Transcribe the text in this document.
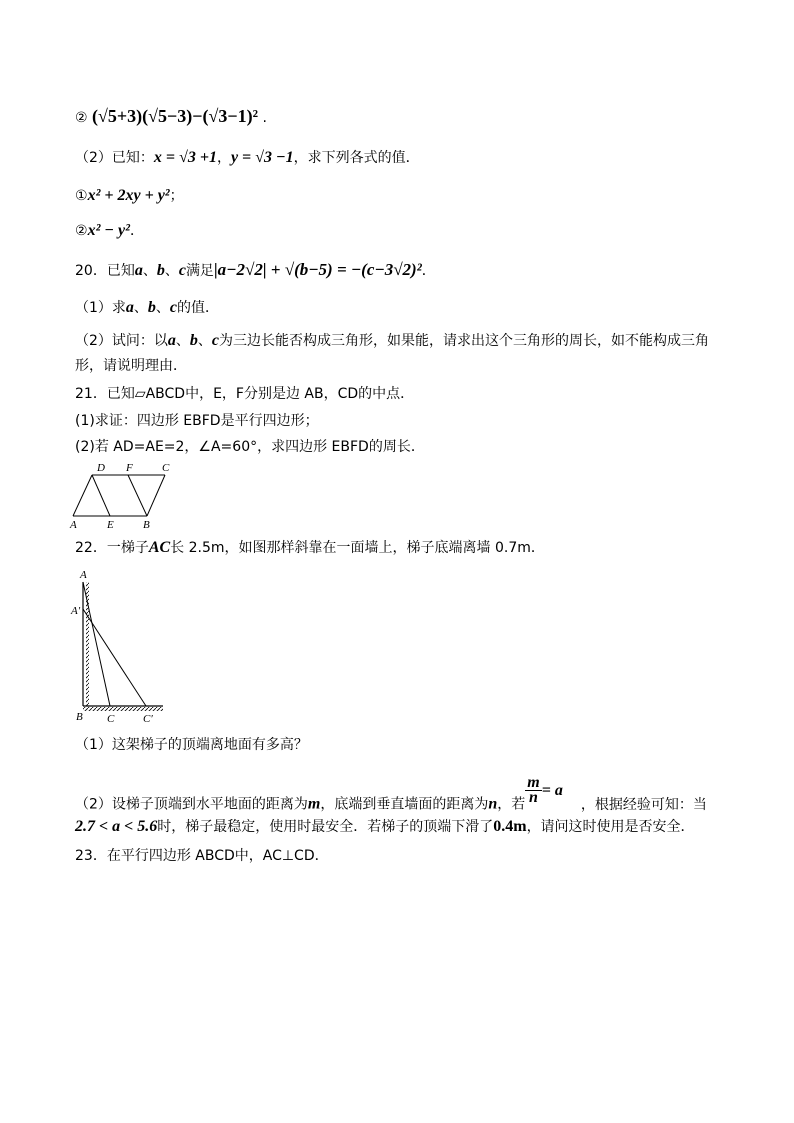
② (√5+3)(√5−3)−(√3−1)² .
（2）已知：x = √3 +1，y = √3 −1，求下列各式的值．
①x² + 2xy + y²；
②x² − y²．
20．已知a、b、c满足|a−2√2| + √(b−5) = −(c−3√2)²．
（1）求a、b、c的值．
（2）试问：以a、b、c为三边长能否构成三角形，如果能，请求出这个三角形的周长，如不能构成三角
形，请说明理由．
21．已知▱ABCD中，E，F分别是边 AB，CD的中点．
(1)求证：四边形 EBFD是平行四边形；
(2)若 AD=AE=2，∠A=60°，求四边形 EBFD的周长．
D F	C
A	E	B
22．一梯子AC长 2.5m，如图那样斜靠在一面墙上，梯子底端离墙 0.7m．
A
A′
B C	C′
（1）这架梯子的顶端离地面有多高？
（2）设梯子顶端到水平地面的距离为m，底端到垂直墙面的距离为n，若 $\frac{m}{n} = a$，根据经验可知：当
2.7 < a < 5.6时，梯子最稳定，使用时最安全．若梯子的顶端下滑了0.4m，请问这时使用是否安全．
23．在平行四边形 ABCD中，AC⊥CD．
